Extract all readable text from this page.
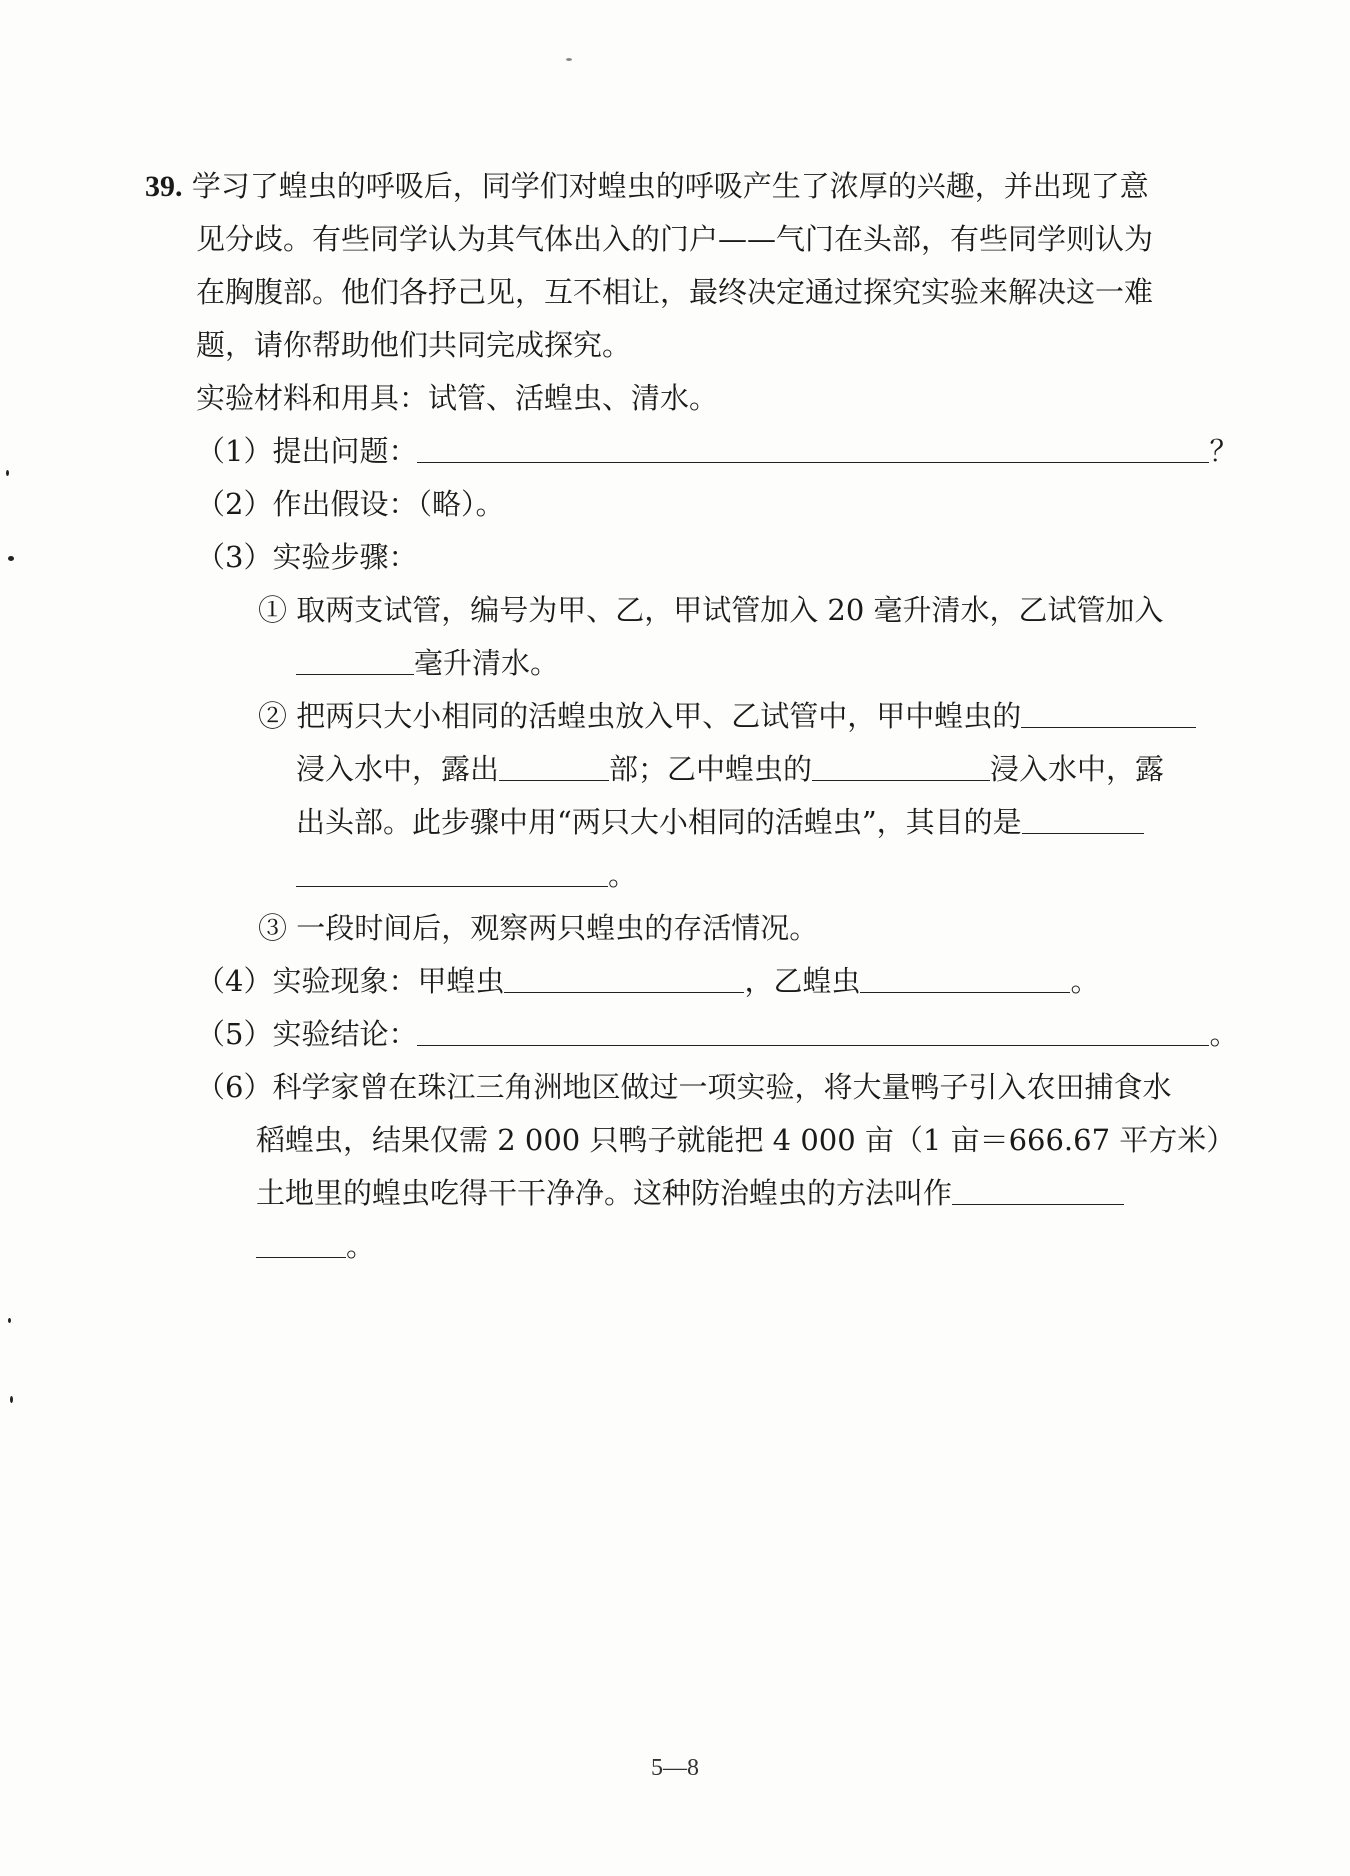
39. 学习了蝗虫的呼吸后，同学们对蝗虫的呼吸产生了浓厚的兴趣，并出现了意
见分歧。有些同学认为其气体出入的门户——气门在头部，有些同学则认为
在胸腹部。他们各抒己见，互不相让，最终决定通过探究实验来解决这一难
题，请你帮助他们共同完成探究。
实验材料和用具：试管、活蝗虫、清水。
（1）提出问题：	？
（2）作出假设：（略）。
（3）实验步骤：
① 取两支试管，编号为甲、乙，甲试管加入 20 毫升清水，乙试管加入
毫升清水。
② 把两只大小相同的活蝗虫放入甲、乙试管中，甲中蝗虫的
浸入水中，露出	部；乙中蝗虫的	浸入水中，露
出头部。此步骤中用“两只大小相同的活蝗虫”，其目的是
。
③ 一段时间后，观察两只蝗虫的存活情况。
（4）实验现象：甲蝗虫	，乙蝗虫	。
（5）实验结论：	。
（6）科学家曾在珠江三角洲地区做过一项实验，将大量鸭子引入农田捕食水
稻蝗虫，结果仅需 2 000 只鸭子就能把 4 000 亩（1 亩＝666.67 平方米）
土地里的蝗虫吃得干干净净。这种防治蝗虫的方法叫作
。
5—8
